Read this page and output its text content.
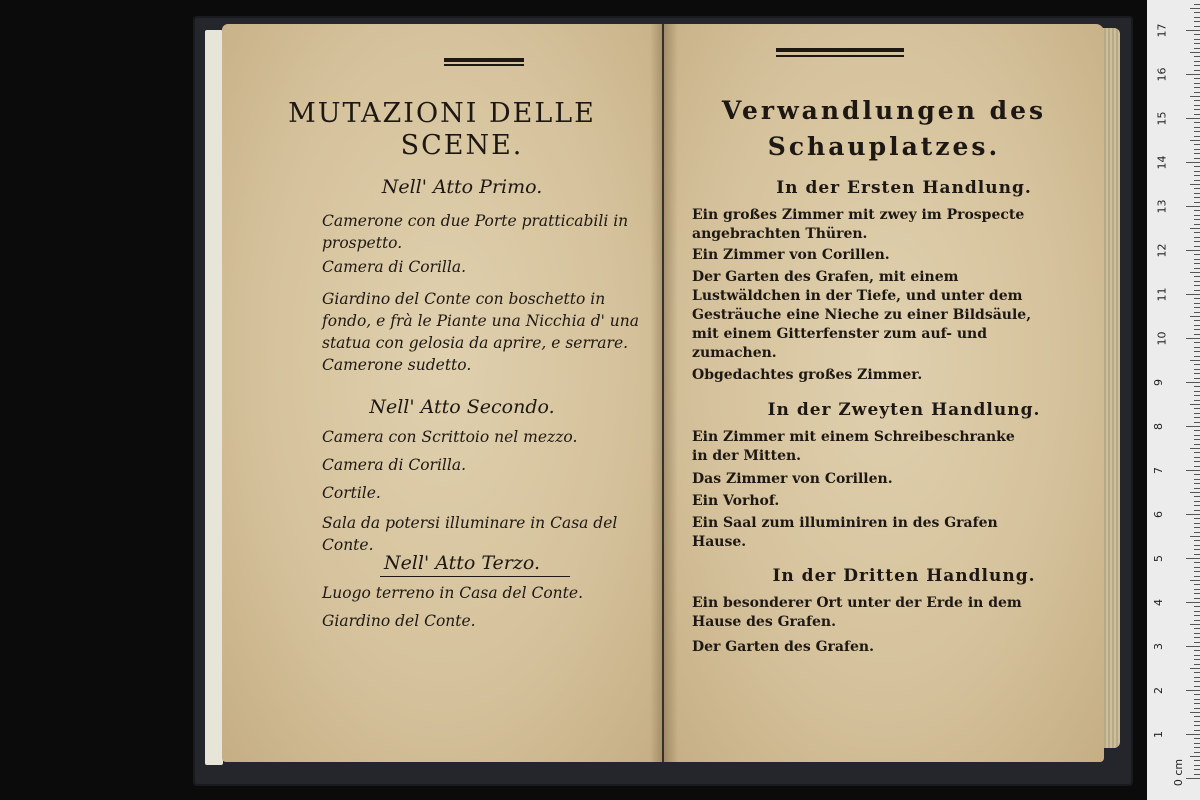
MUTAZIONI DELLE
SCENE.
Nell' Atto Primo.
Camerone con due Porte pratticabili in prospetto.
Camera di Corilla.
Giardino del Conte con boschetto in fondo, e frà le Piante una Nicchia d' una statua con gelosia da aprire, e serrare.
Camerone sudetto.
Nell' Atto Secondo.
Camera con Scrittoio nel mezzo.
Camera di Corilla.
Cortile.
Sala da potersi illuminare in Casa del Conte.
Nell' Atto Terzo.
Luogo terreno in Casa del Conte.
Giardino del Conte.
Verwandlungen des
Schauplatzes.
In der Ersten Handlung.
Ein großes Zimmer mit zwey im Prospecte angebrachten Thüren.
Ein Zimmer von Corillen.
Der Garten des Grafen, mit einem Lustwäldchen in der Tiefe, und unter dem Gesträuche eine Nieche zu einer Bildsäule, mit einem Gitterfenster zum auf- und zumachen.
Obgedachtes großes Zimmer.
In der Zweyten Handlung.
Ein Zimmer mit einem Schreibeschranke in der Mitten.
Das Zimmer von Corillen.
Ein Vorhof.
Ein Saal zum illuminiren in des Grafen Hause.
In der Dritten Handlung.
Ein besonderer Ort unter der Erde in dem Hause des Grafen.
Der Garten des Grafen.
0 cm
1
2
3
4
5
6
7
8
9
10
11
12
13
14
15
16
17
